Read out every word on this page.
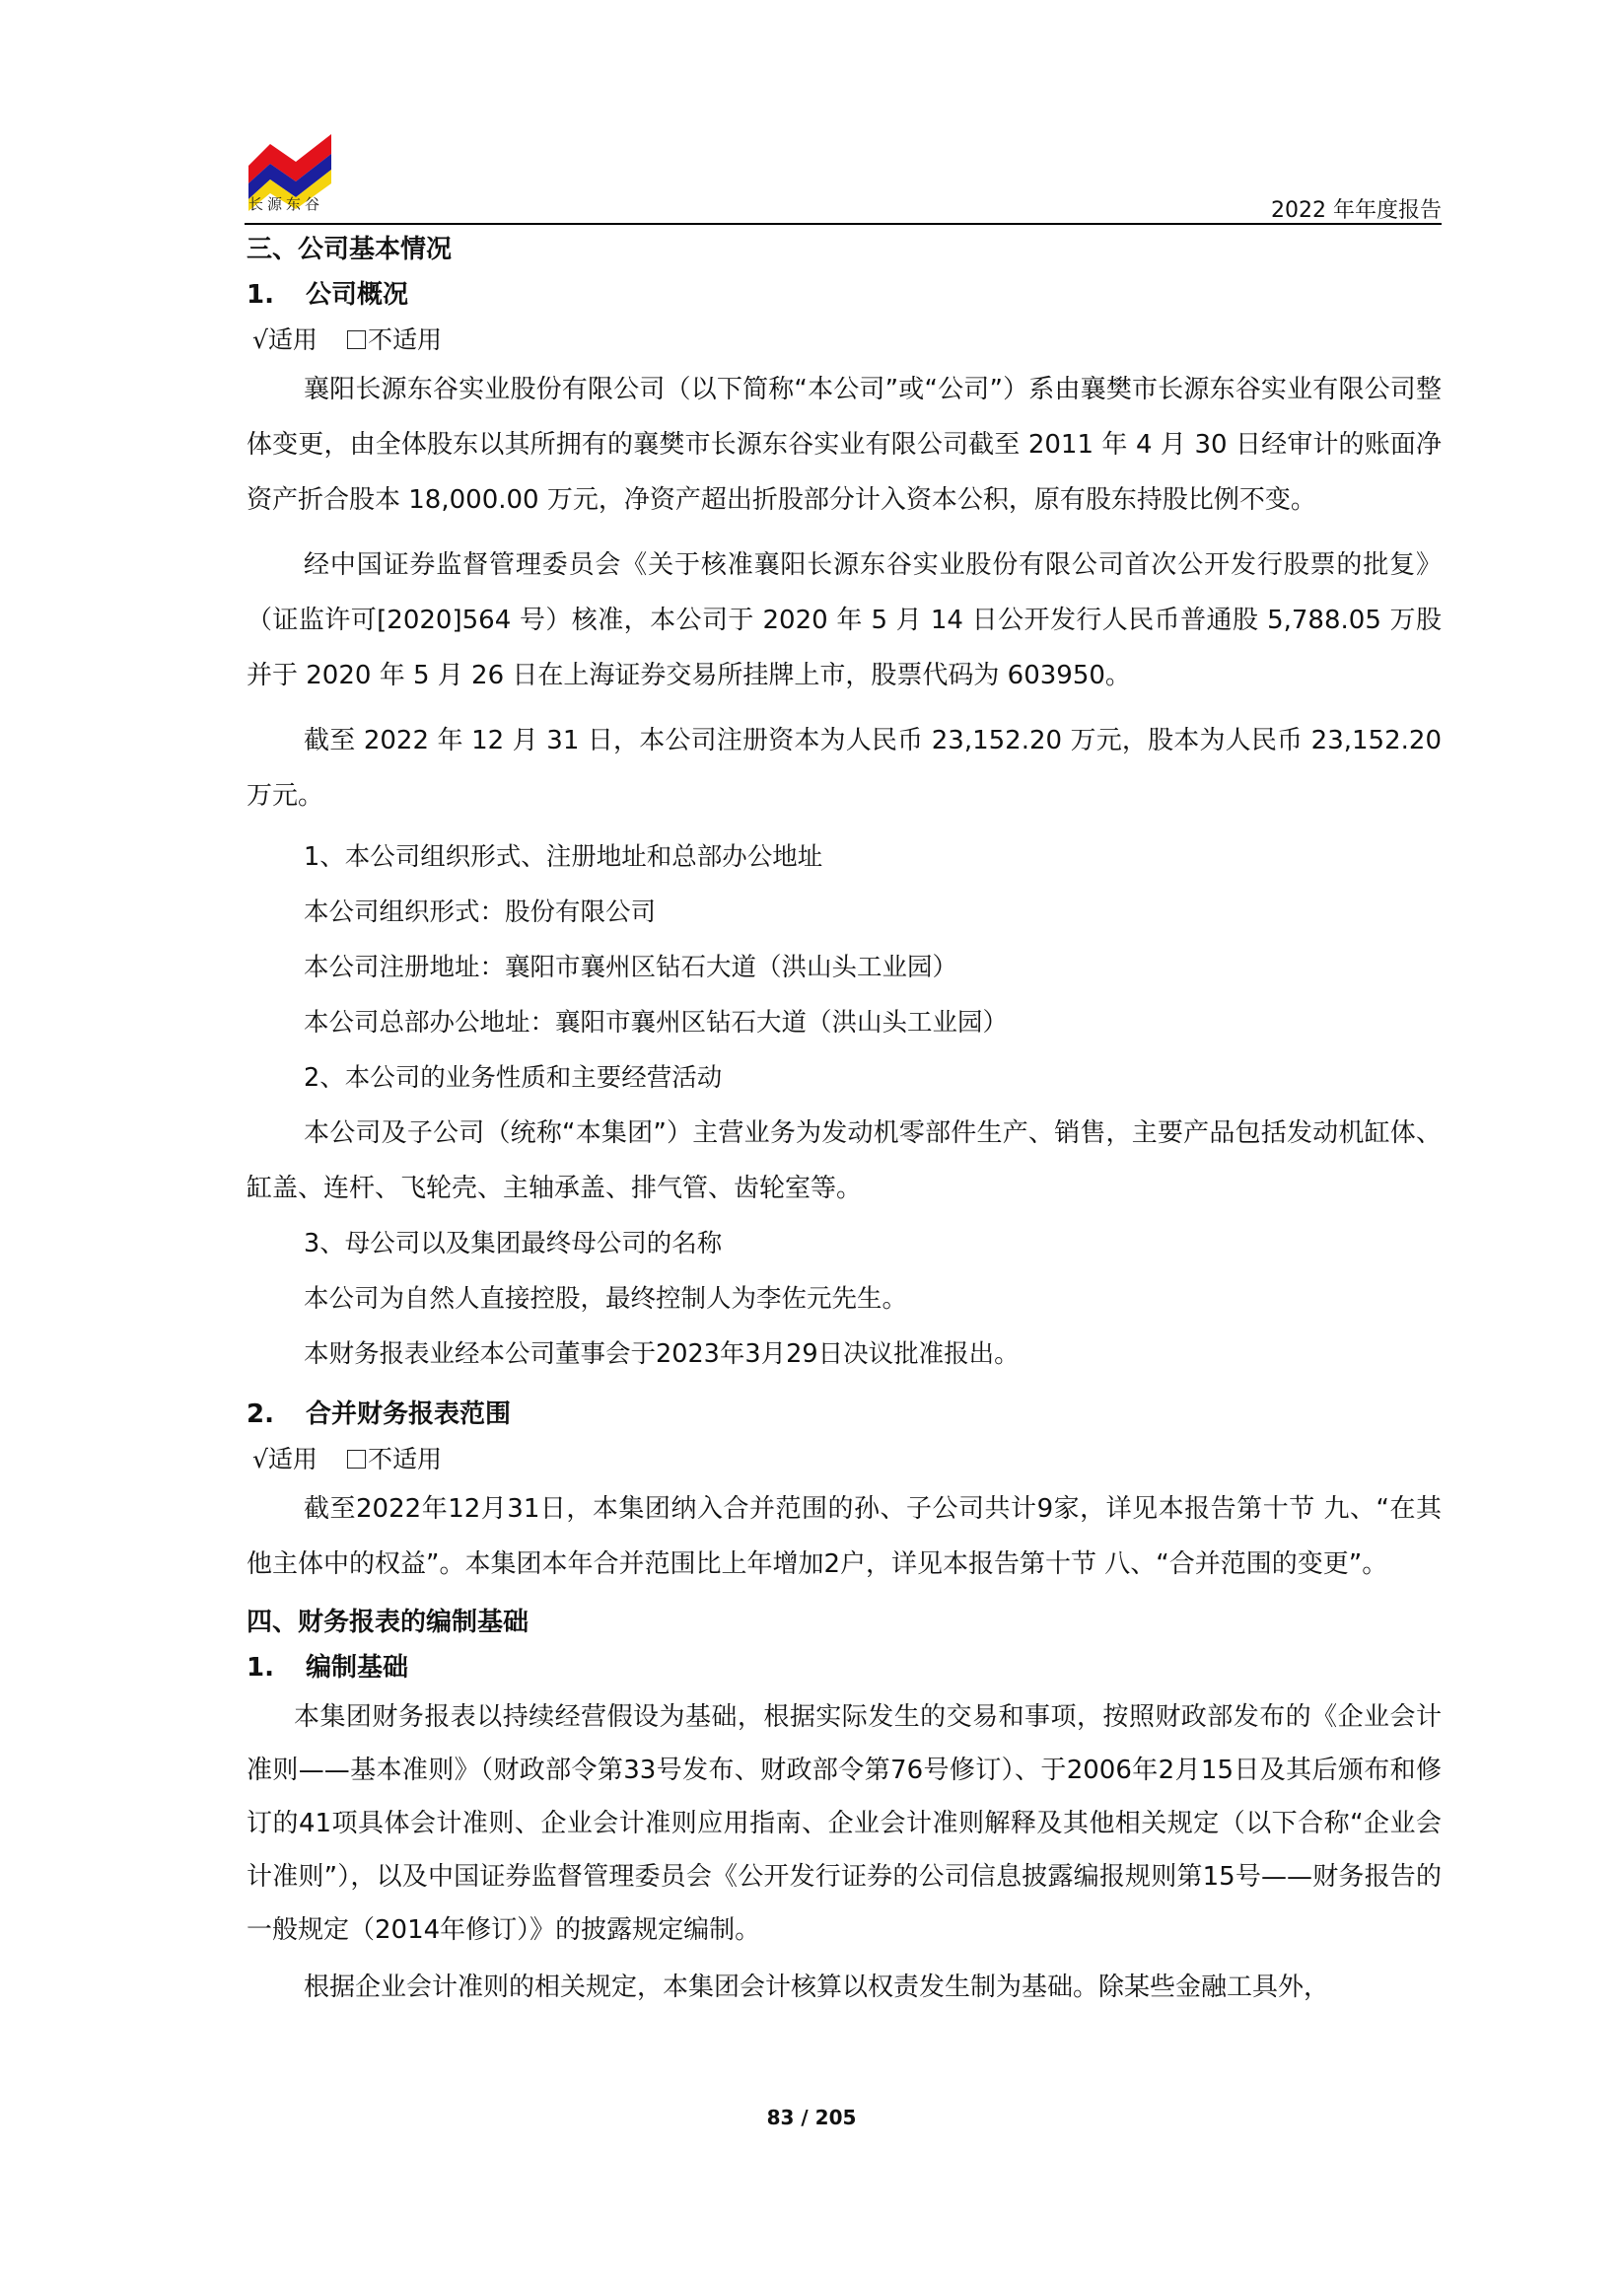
长源东谷	2022 年年度报告
三、公司基本情况
1. 公司概况
√适用 不适用

襄阳长源东谷实业股份有限公司（以下简称“本公司”或“公司”）系由襄樊市长源东谷实业有限公司整体变更，由全体股东以其所拥有的襄樊市长源东谷实业有限公司截至 2011 年 4 月 30 日经审计的账面净资产折合股本 18,000.00 万元，净资产超出折股部分计入资本公积，原有股东持股比例不变。

经中国证券监督管理委员会《关于核准襄阳长源东谷实业股份有限公司首次公开发行股票的批复》（证监许可[2020]564 号）核准，本公司于 2020 年 5 月 14 日公开发行人民币普通股 5,788.05 万股并于 2020 年 5 月 26 日在上海证券交易所挂牌上市，股票代码为 603950。

截至 2022 年 12 月 31 日，本公司注册资本为人民币 23,152.20 万元，股本为人民币 23,152.20 万元。

1、本公司组织形式、注册地址和总部办公地址
本公司组织形式：股份有限公司
本公司注册地址：襄阳市襄州区钻石大道（洪山头工业园）
本公司总部办公地址：襄阳市襄州区钻石大道（洪山头工业园）
2、本公司的业务性质和主要经营活动

本公司及子公司（统称“本集团”）主营业务为发动机零部件生产、销售，主要产品包括发动机缸体、缸盖、连杆、飞轮壳、主轴承盖、排气管、齿轮室等。

3、母公司以及集团最终母公司的名称
本公司为自然人直接控股，最终控制人为李佐元先生。
本财务报表业经本公司董事会于2023年3月29日决议批准报出。
2. 合并财务报表范围
√适用 不适用

截至2022年12月31日，本集团纳入合并范围的孙、子公司共计9家，详见本报告第十节 九、“在其他主体中的权益”。本集团本年合并范围比上年增加2户，详见本报告第十节 八、“合并范围的变更”。

四、财务报表的编制基础
1. 编制基础

本集团财务报表以持续经营假设为基础，根据实际发生的交易和事项，按照财政部发布的《企业会计准则——基本准则》（财政部令第33号发布、财政部令第76号修订）、于2006年2月15日及其后颁布和修订的41项具体会计准则、企业会计准则应用指南、企业会计准则解释及其他相关规定（以下合称“企业会计准则”），以及中国证券监督管理委员会《公开发行证券的公司信息披露编报规则第15号——财务报告的一般规定（2014年修订）》的披露规定编制。

根据企业会计准则的相关规定，本集团会计核算以权责发生制为基础。除某些金融工具外，

83 / 205
